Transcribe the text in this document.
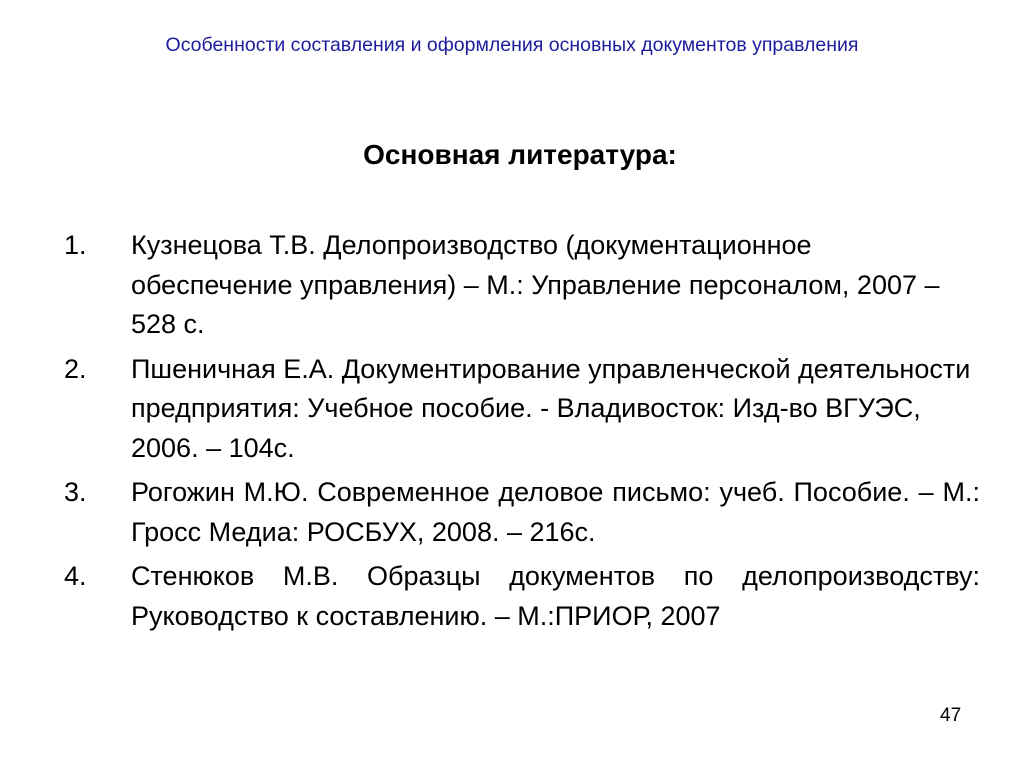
Особенности составления и оформления основных документов управления
Основная литература:
1. Кузнецова Т.В. Делопроизводство (документационное обеспечение управления) – М.: Управление персоналом, 2007 – 528 с.

2. Пшеничная Е.А. Документирование управленческой деятельности предприятия: Учебное пособие. - Владивосток: Изд-во ВГУЭС, 2006. – 104с.

3. Рогожин М.Ю. Современное деловое письмо: учеб. Пособие. – М.: Гросс Медиа: РОСБУХ, 2008. – 216с.

4. Стенюков М.В. Образцы документов по делопроизводству: Руководство к составлению. – М.:ПРИОР, 2007

47
